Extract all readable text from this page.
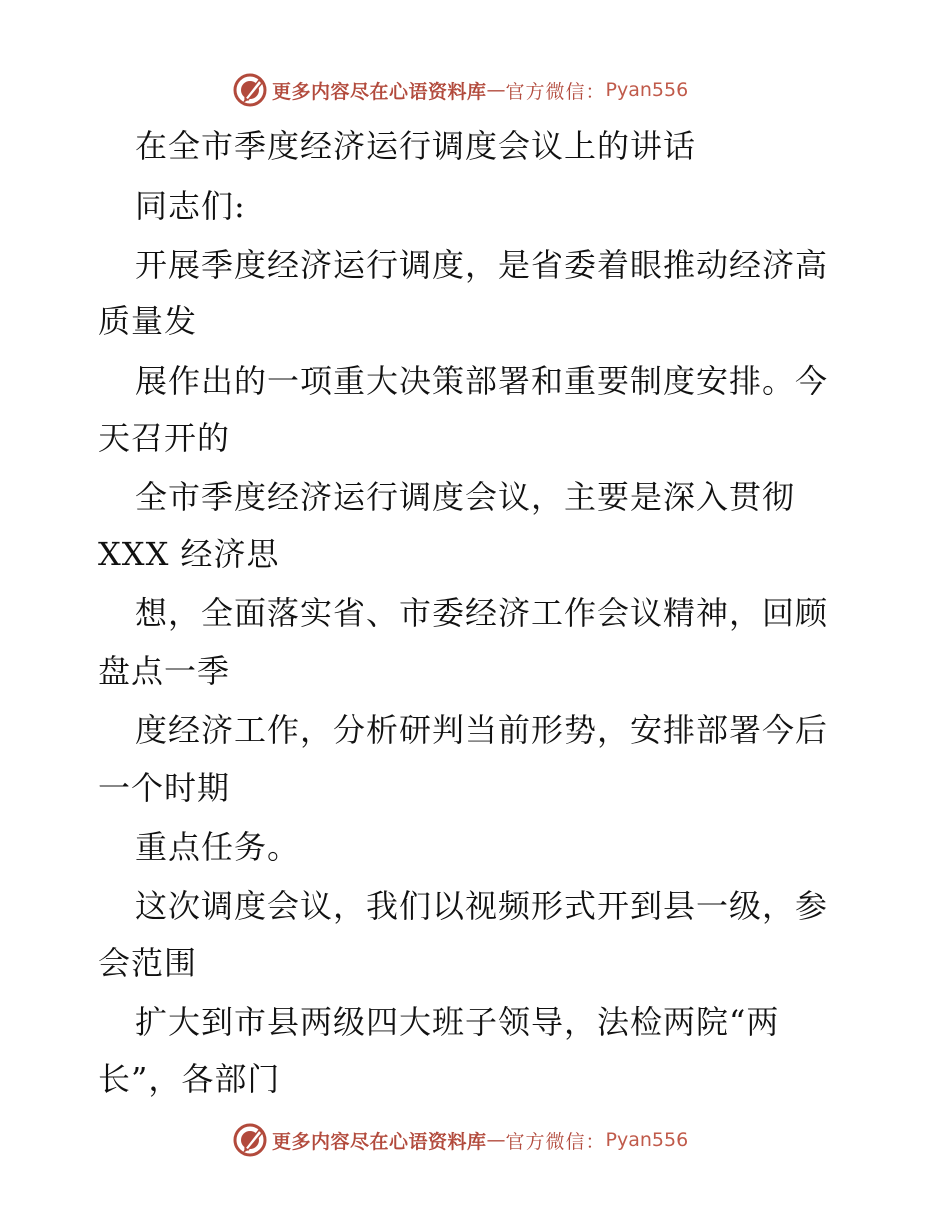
更多内容尽在心语资料库 — 官方微信： Pyan556
在全市季度经济运行调度会议上的讲话
同志们:
开展季度经济运行调度，是省委着眼推动经济高
质量发
展作出的一项重大决策部署和重要制度安排。今
天召开的
全市季度经济运行调度会议，主要是深入贯彻
XXX 经济思
想，全面落实省、市委经济工作会议精神，回顾
盘点一季
度经济工作，分析研判当前形势，安排部署今后
一个时期
重点任务。
这次调度会议，我们以视频形式开到县一级，参
会范围
扩大到市县两级四大班子领导，法检两院“两
长”，各部门
更多内容尽在心语资料库 — 官方微信： Pyan556
